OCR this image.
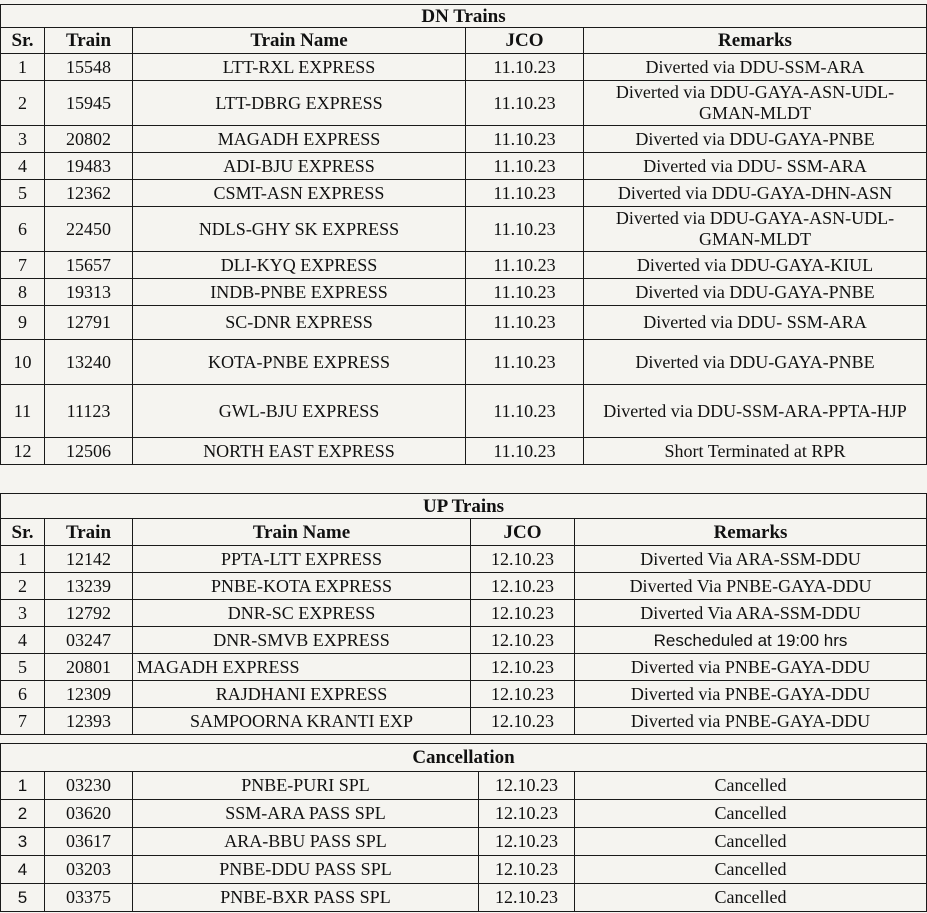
DN Trains				
Sr.	Train	Train Name	JCO	Remarks
1	15548	LTT-RXL EXPRESS	11.10.23	Diverted via DDU-SSM-ARA
2	15945	LTT-DBRG EXPRESS	11.10.23	Diverted via DDU-GAYA-ASN-UDL-GMAN-MLDT
3	20802	MAGADH EXPRESS	11.10.23	Diverted via DDU-GAYA-PNBE
4	19483	ADI-BJU EXPRESS	11.10.23	Diverted via DDU- SSM-ARA
5	12362	CSMT-ASN EXPRESS	11.10.23	Diverted via DDU-GAYA-DHN-ASN
6	22450	NDLS-GHY SK EXPRESS	11.10.23	Diverted via DDU-GAYA-ASN-UDL-GMAN-MLDT
7	15657	DLI-KYQ EXPRESS	11.10.23	Diverted via DDU-GAYA-KIUL
8	19313	INDB-PNBE EXPRESS	11.10.23	Diverted via DDU-GAYA-PNBE
9	12791	SC-DNR EXPRESS	11.10.23	Diverted via DDU- SSM-ARA
10	13240	KOTA-PNBE EXPRESS	11.10.23	Diverted via DDU-GAYA-PNBE
11	11123	GWL-BJU EXPRESS	11.10.23	Diverted via DDU-SSM-ARA-PPTA-HJP
12	12506	NORTH EAST EXPRESS	11.10.23	Short Terminated at RPR
UP Trains				
Sr.	Train	Train Name	JCO	Remarks
1	12142	PPTA-LTT EXPRESS	12.10.23	Diverted Via ARA-SSM-DDU
2	13239	PNBE-KOTA EXPRESS	12.10.23	Diverted Via PNBE-GAYA-DDU
3	12792	DNR-SC EXPRESS	12.10.23	Diverted Via ARA-SSM-DDU
4	03247	DNR-SMVB EXPRESS	12.10.23	Rescheduled at 19:00 hrs
5	20801	MAGADH EXPRESS	12.10.23	Diverted via PNBE-GAYA-DDU
6	12309	RAJDHANI EXPRESS	12.10.23	Diverted via PNBE-GAYA-DDU
7	12393	SAMPOORNA KRANTI EXP	12.10.23	Diverted via PNBE-GAYA-DDU
Cancellation				
1	03230	PNBE-PURI SPL	12.10.23	Cancelled
2	03620	SSM-ARA PASS SPL	12.10.23	Cancelled
3	03617	ARA-BBU PASS SPL	12.10.23	Cancelled
4	03203	PNBE-DDU PASS SPL	12.10.23	Cancelled
5	03375	PNBE-BXR PASS SPL	12.10.23	Cancelled
